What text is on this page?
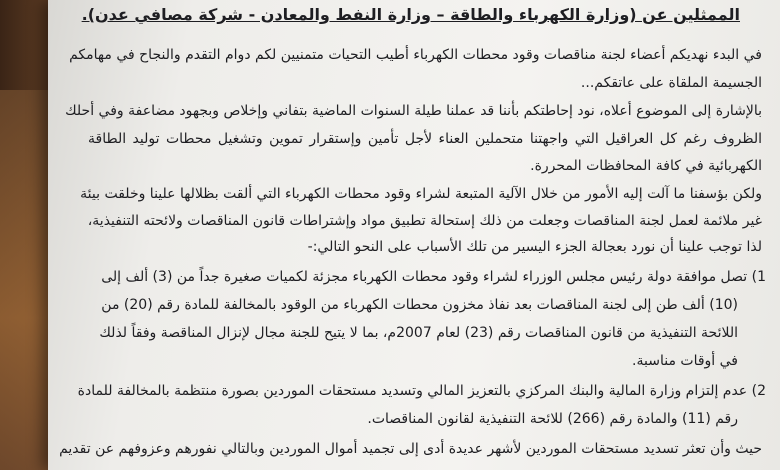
الممثلين عن (وزارة الكهرباء والطاقة – وزارة النفط والمعادن - شركة مصافي عدن).
في البدء نهديكم أعضاء لجنة مناقصات وقود محطات الكهرباء أطيب التحيات متمنيين لكم دوام التقدم والنجاح في مهامكم
الجسيمة الملقاة على عاتقكم...
بالإشارة إلى الموضوع أعلاه، نود إحاطتكم بأننا قد عملنا طيلة السنوات الماضية بتفاني وإخلاص وبجهود مضاعفة وفي أحلك
الظروف رغم كل العراقيل التي واجهتنا متحملين العناء لأجل تأمين وإستقرار تموين وتشغيل محطات توليد الطاقة
الكهربائية في كافة المحافظات المحررة.
ولكن بؤسفنا ما آلت إليه الأمور من خلال الآلية المتبعة لشراء وقود محطات الكهرباء التي ألقت بظلالها علينا وخلقت بيئة
غير ملائمة لعمل لجنة المناقصات وجعلت من ذلك إستحالة تطبيق مواد وإشتراطات قانون المناقصات ولائحته التنفيذية،
لذا توجب علينا أن نورد بعجالة الجزء اليسير من تلك الأسباب على النحو التالي:-
1) تصل موافقة دولة رئيس مجلس الوزراء لشراء وقود محطات الكهرباء مجزئة لكميات صغيرة جداً من (3) ألف إلى
(10) ألف طن إلى لجنة المناقصات بعد نفاذ مخزون محطات الكهرباء من الوقود بالمخالفة للمادة رقم (20) من
اللائحة التنفيذية من قانون المناقصات رقم (23) لعام 2007م، بما لا يتيح للجنة مجال لإنزال المناقصة وفقاً لذلك
في أوقات مناسبة.
2) عدم إلتزام وزارة المالية والبنك المركزي بالتعزيز المالي وتسديد مستحقات الموردين بصورة منتظمة بالمخالفة للمادة
رقم (11) والمادة رقم (266) للائحة التنفيذية لقانون المناقصات.
حيث وأن تعثر تسديد مستحقات الموردين لأشهر عديدة أدى إلى تجميد أموال الموردين وبالتالي نفورهم وعزوفهم عن تقديم
